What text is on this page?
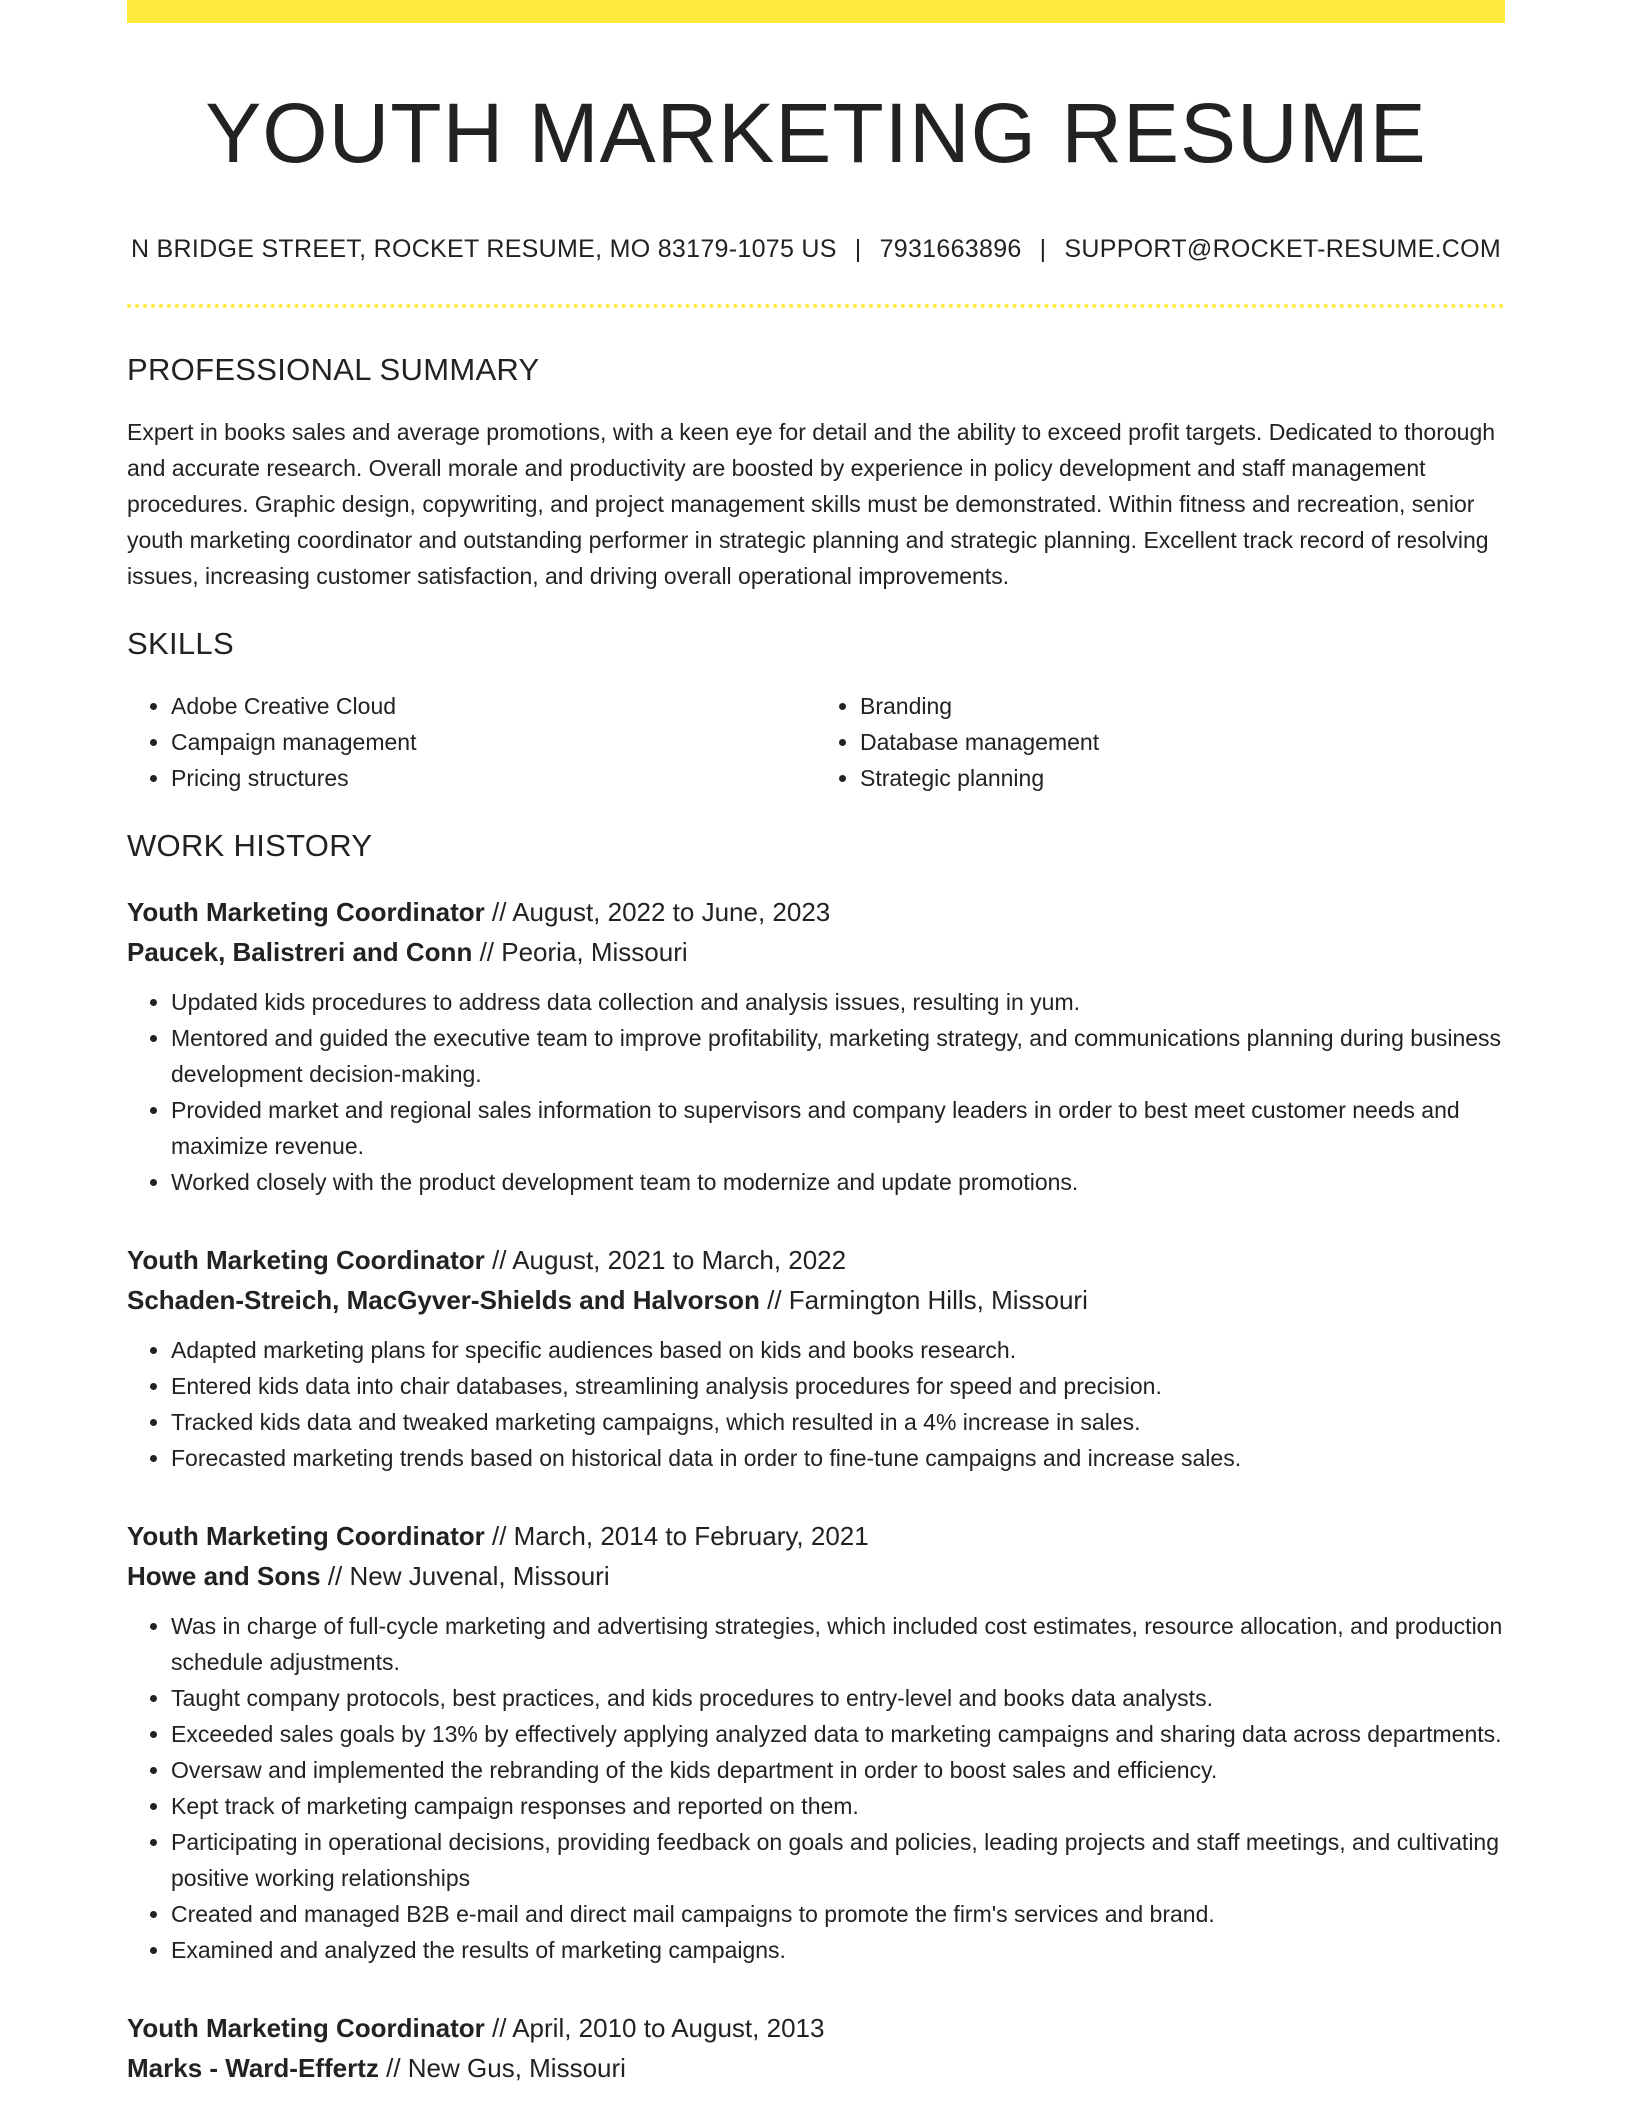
YOUTH MARKETING RESUME
N BRIDGE STREET, ROCKET RESUME, MO 83179-1075 US | 7931663896 | SUPPORT@ROCKET-RESUME.COM
PROFESSIONAL SUMMARY

Expert in books sales and average promotions, with a keen eye for detail and the ability to exceed profit targets. Dedicated to thorough and accurate research. Overall morale and productivity are boosted by experience in policy development and staff management procedures. Graphic design, copywriting, and project management skills must be demonstrated. Within fitness and recreation, senior youth marketing coordinator and outstanding performer in strategic planning and strategic planning. Excellent track record of resolving issues, increasing customer satisfaction, and driving overall operational improvements.

SKILLS
• Adobe Creative Cloud
• Campaign management
• Pricing structures
• Branding
• Database management
• Strategic planning
WORK HISTORY
Youth Marketing Coordinator // August, 2022 to June, 2023
Paucek, Balistreri and Conn // Peoria, Missouri
• Updated kids procedures to address data collection and analysis issues, resulting in yum.
• Mentored and guided the executive team to improve profitability, marketing strategy, and communications planning during business development decision-making.
• Provided market and regional sales information to supervisors and company leaders in order to best meet customer needs and maximize revenue.
• Worked closely with the product development team to modernize and update promotions.
Youth Marketing Coordinator // August, 2021 to March, 2022
Schaden-Streich, MacGyver-Shields and Halvorson // Farmington Hills, Missouri
• Adapted marketing plans for specific audiences based on kids and books research.
• Entered kids data into chair databases, streamlining analysis procedures for speed and precision.
• Tracked kids data and tweaked marketing campaigns, which resulted in a 4% increase in sales.
• Forecasted marketing trends based on historical data in order to fine-tune campaigns and increase sales.
Youth Marketing Coordinator // March, 2014 to February, 2021
Howe and Sons // New Juvenal, Missouri
• Was in charge of full-cycle marketing and advertising strategies, which included cost estimates, resource allocation, and production schedule adjustments.
• Taught company protocols, best practices, and kids procedures to entry-level and books data analysts.
• Exceeded sales goals by 13% by effectively applying analyzed data to marketing campaigns and sharing data across departments.
• Oversaw and implemented the rebranding of the kids department in order to boost sales and efficiency.
• Kept track of marketing campaign responses and reported on them.
• Participating in operational decisions, providing feedback on goals and policies, leading projects and staff meetings, and cultivating positive working relationships
• Created and managed B2B e-mail and direct mail campaigns to promote the firm's services and brand.
• Examined and analyzed the results of marketing campaigns.
Youth Marketing Coordinator // April, 2010 to August, 2013
Marks - Ward-Effertz // New Gus, Missouri
